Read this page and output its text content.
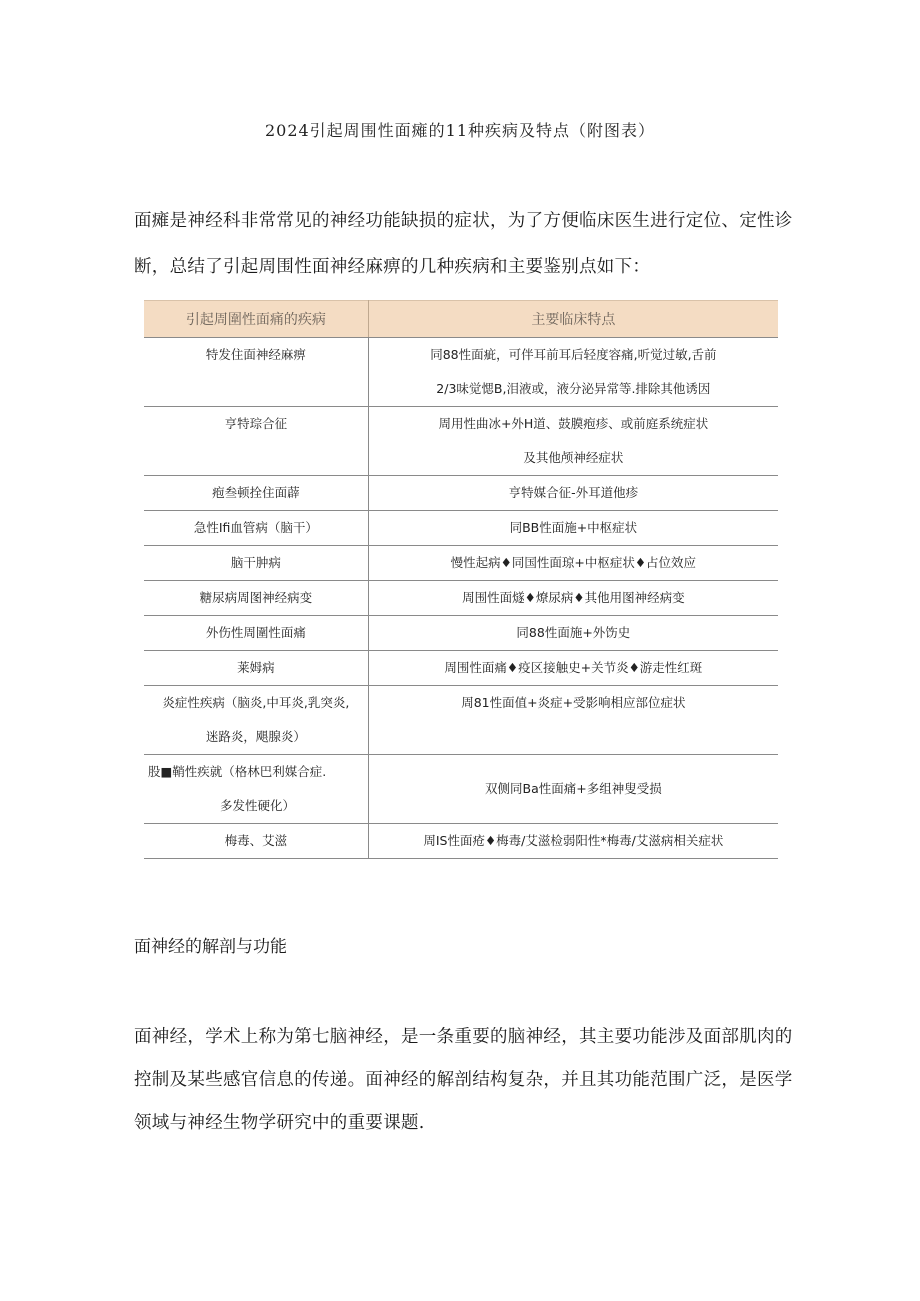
2024引起周围性面瘫的11种疾病及特点（附图表）
面瘫是神经科非常常见的神经功能缺损的症状，为了方便临床医生进行定位、定性诊断，总结了引起周围性面神经麻痹的几种疾病和主要鉴别点如下：
引起周圍性面痛的疾病	主要临床特点
特发住面神经麻痹	同88性面疵，可伴耳前耳后轻度容痛,听觉过敏,舌前
2/3味觉愢B,泪液或，液分泌异常等.排除其他诱因

亨特琮合征	周用性曲冰+外H道、鼓膜疱疹、或前庭系统症状
及其他颅神经症状

疱叁顿拴住面薜	亨特媒合征-外耳道他疹
急性Ifi血管病（脑干）	同BB性面施+中枢症状
脑干肿病	慢性起病♦同国性面琼+中枢症状♦占位效应
糖尿病周图神经病变	周围性面燧♦燎尿病♦其他用图神经病变
外伤性周圍性面痛	同88性面施+外饬史
莱姆病	周围性面痛♦疫区接触史+关节炎♦游走性红斑

炎症性疾病（脑炎,中耳炎,乳突炎,
迷路炎，飓腺炎）	周81性面值+炎症+受影响相应部位症状

股■鞘性疾就（格林巴利媒合症.
多发性硬化）	双侧同Ba性面痛+多组神叟受损
梅毒、艾滋	周IS性面疮♦梅毒/艾滋检弱阳性*梅毒/艾滋病相关症状
面神经的解剖与功能
面神经，学术上称为第七脑神经，是一条重要的脑神经，其主要功能涉及面部肌肉的控制及某些感官信息的传递。面神经的解剖结构复杂，并且其功能范围广泛，是医学领域与神经生物学研究中的重要课题.
